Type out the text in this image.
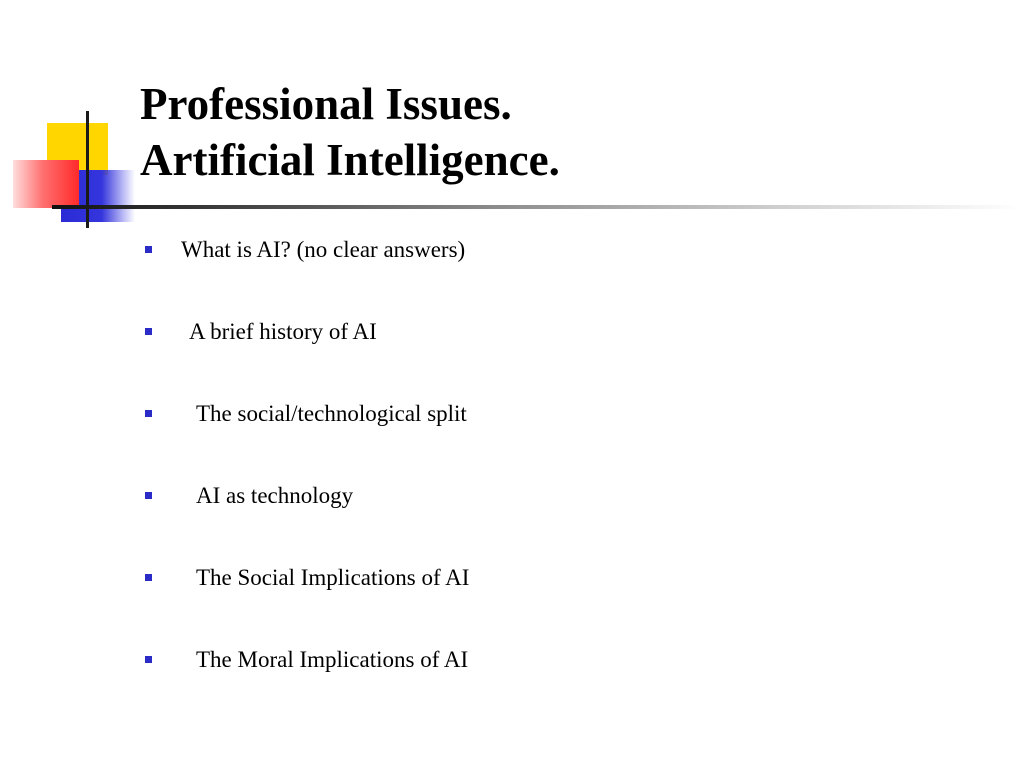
Professional Issues.
Artificial Intelligence.
What is AI? (no clear answers)
A brief history of AI
The social/technological split
AI as technology
The Social Implications of AI
The Moral Implications of AI
